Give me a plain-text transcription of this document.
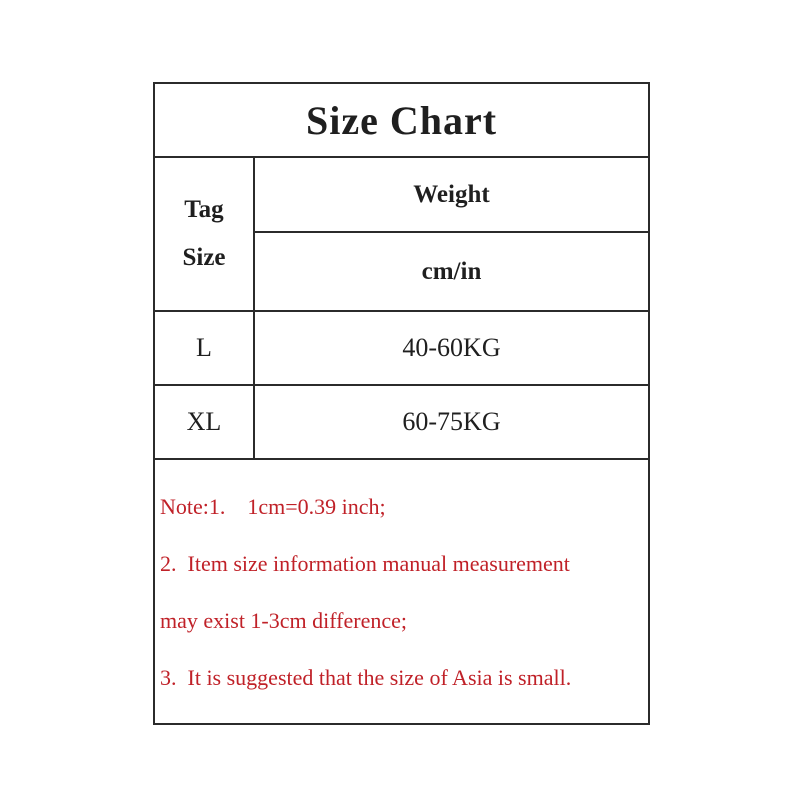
Size Chart
Tag
Size
Weight
cm/in
L	40-60KG
XL	60-75KG

Note:1.    1cm=0.39 inch;

2.  Item size information manual measurement

may exist 1-3cm difference;

3.  It is suggested that the size of Asia is small.
